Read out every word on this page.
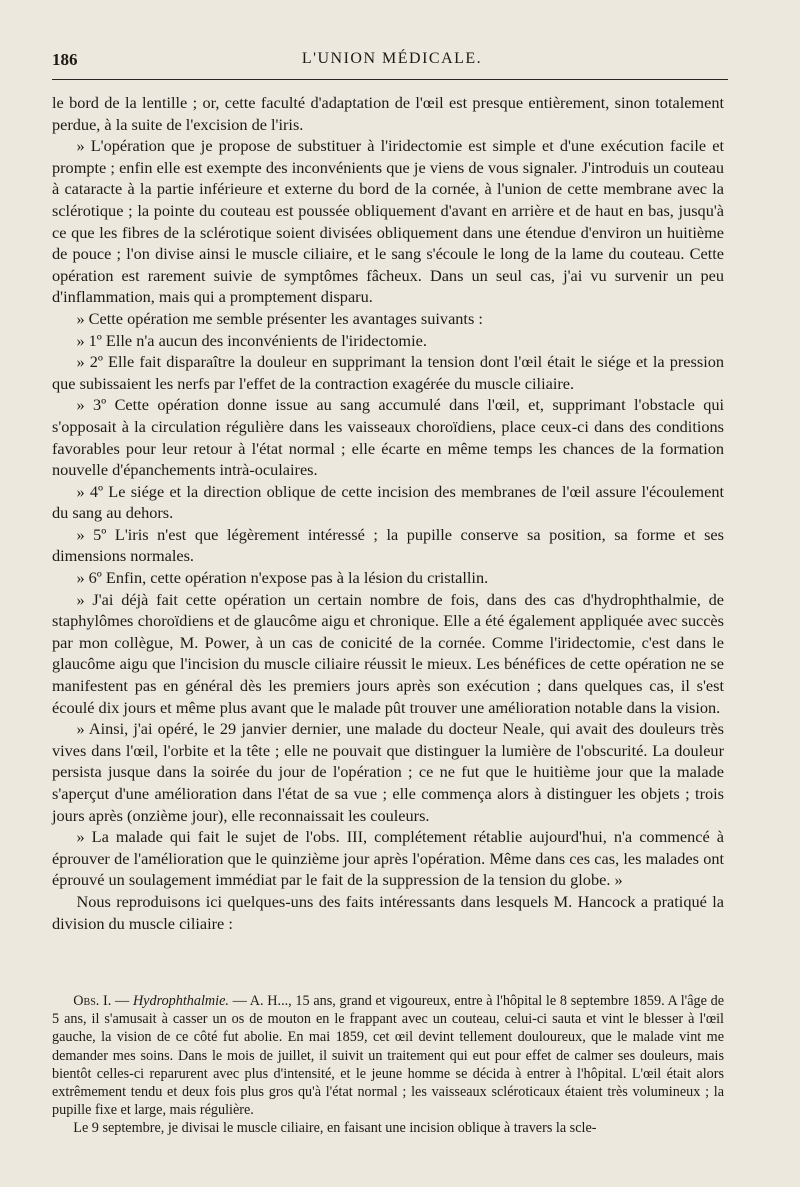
186	L'UNION MÉDICALE.

le bord de la lentille ; or, cette faculté d'adaptation de l'œil est presque entièrement, sinon totalement perdue, à la suite de l'excision de l'iris.

» L'opération que je propose de substituer à l'iridectomie est simple et d'une exécution facile et prompte ; enfin elle est exempte des inconvénients que je viens de vous signaler. J'introduis un couteau à cataracte à la partie inférieure et externe du bord de la cornée, à l'union de cette membrane avec la sclérotique ; la pointe du couteau est poussée obliquement d'avant en arrière et de haut en bas, jusqu'à ce que les fibres de la sclérotique soient divisées obliquement dans une étendue d'environ un huitième de pouce ; l'on divise ainsi le muscle ciliaire, et le sang s'écoule le long de la lame du couteau. Cette opération est rarement suivie de symptômes fâcheux. Dans un seul cas, j'ai vu survenir un peu d'inflammation, mais qui a promptement disparu.

» Cette opération me semble présenter les avantages suivants :

» 1º Elle n'a aucun des inconvénients de l'iridectomie.

» 2º Elle fait disparaître la douleur en supprimant la tension dont l'œil était le siége et la pression que subissaient les nerfs par l'effet de la contraction exagérée du muscle ciliaire.

» 3º Cette opération donne issue au sang accumulé dans l'œil, et, supprimant l'obstacle qui s'opposait à la circulation régulière dans les vaisseaux choroïdiens, place ceux-ci dans des conditions favorables pour leur retour à l'état normal ; elle écarte en même temps les chances de la formation nouvelle d'épanchements intrà-oculaires.

» 4º Le siége et la direction oblique de cette incision des membranes de l'œil assure l'écoulement du sang au dehors.

» 5º L'iris n'est que légèrement intéressé ; la pupille conserve sa position, sa forme et ses dimensions normales.

» 6º Enfin, cette opération n'expose pas à la lésion du cristallin.

» J'ai déjà fait cette opération un certain nombre de fois, dans des cas d'hydrophthalmie, de staphylômes choroïdiens et de glaucôme aigu et chronique. Elle a été également appliquée avec succès par mon collègue, M. Power, à un cas de conicité de la cornée. Comme l'iridectomie, c'est dans le glaucôme aigu que l'incision du muscle ciliaire réussit le mieux. Les bénéfices de cette opération ne se manifestent pas en général dès les premiers jours après son exécution ; dans quelques cas, il s'est écoulé dix jours et même plus avant que le malade pût trouver une amélioration notable dans la vision.

» Ainsi, j'ai opéré, le 29 janvier dernier, une malade du docteur Neale, qui avait des douleurs très vives dans l'œil, l'orbite et la tête ; elle ne pouvait que distinguer la lumière de l'obscurité. La douleur persista jusque dans la soirée du jour de l'opération ; ce ne fut que le huitième jour que la malade s'aperçut d'une amélioration dans l'état de sa vue ; elle commença alors à distinguer les objets ; trois jours après (onzième jour), elle reconnaissait les couleurs.

» La malade qui fait le sujet de l'obs. III, complétement rétablie aujourd'hui, n'a commencé à éprouver de l'amélioration que le quinzième jour après l'opération. Même dans ces cas, les malades ont éprouvé un soulagement immédiat par le fait de la suppression de la tension du globe. »

Nous reproduisons ici quelques-uns des faits intéressants dans lesquels M. Hancock a pratiqué la division du muscle ciliaire :

Obs. I. — Hydrophthalmie. — A. H..., 15 ans, grand et vigoureux, entre à l'hôpital le 8 septembre 1859. A l'âge de 5 ans, il s'amusait à casser un os de mouton en le frappant avec un couteau, celui-ci sauta et vint le blesser à l'œil gauche, la vision de ce côté fut abolie. En mai 1859, cet œil devint tellement douloureux, que le malade vint me demander mes soins. Dans le mois de juillet, il suivit un traitement qui eut pour effet de calmer ses douleurs, mais bientôt celles-ci reparurent avec plus d'intensité, et le jeune homme se décida à entrer à l'hôpital. L'œil était alors extrêmement tendu et deux fois plus gros qu'à l'état normal ; les vaisseaux scléroticaux étaient très volumineux ; la pupille fixe et large, mais régulière.

Le 9 septembre, je divisai le muscle ciliaire, en faisant une incision oblique à travers la scle-
